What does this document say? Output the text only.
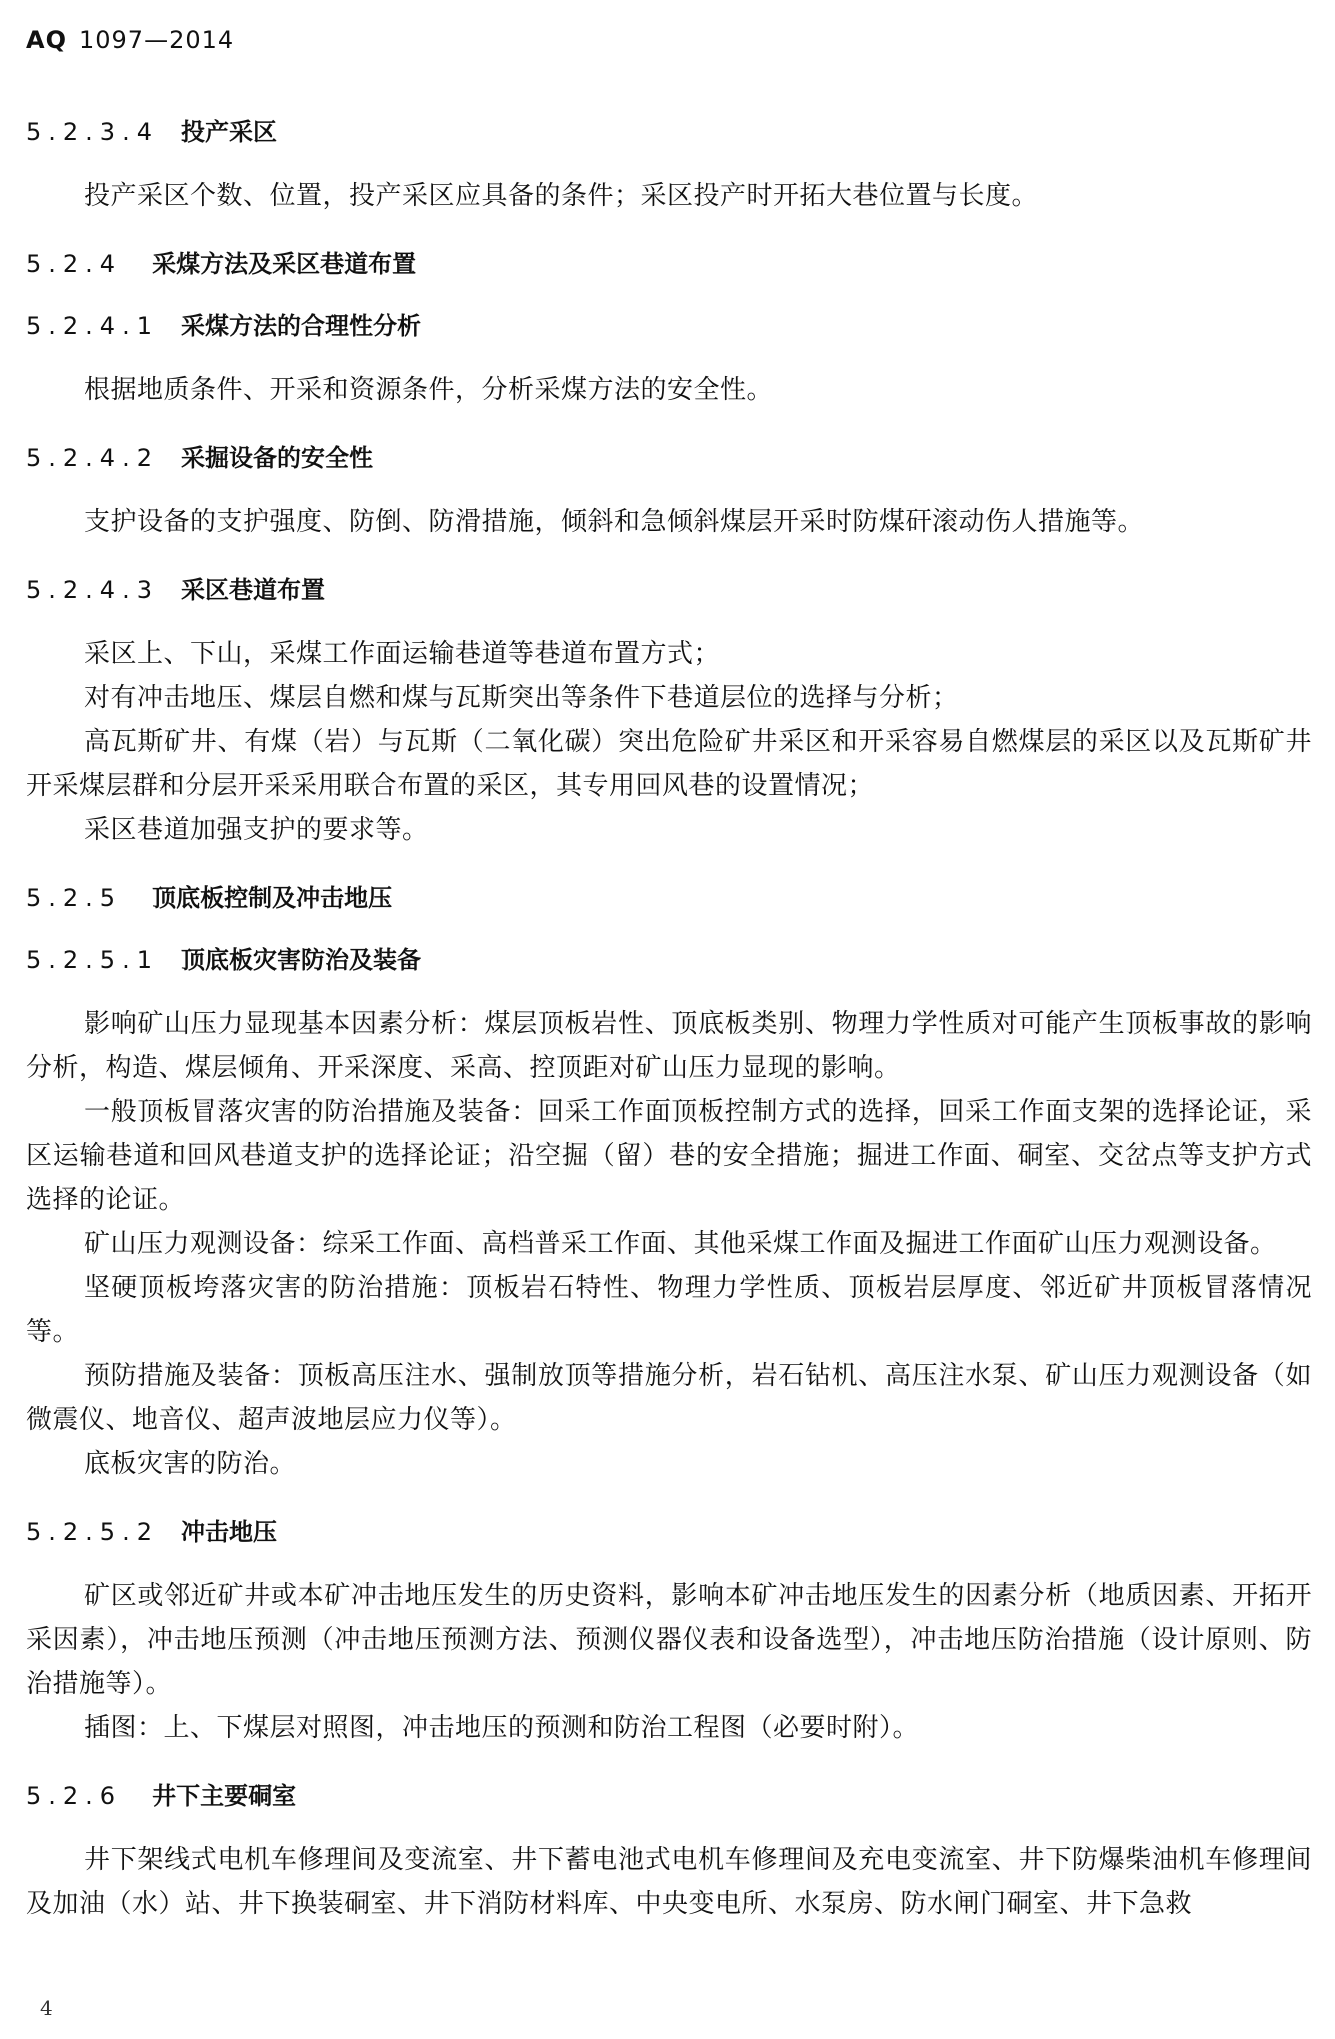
AQ 1097—2014
5.2.3.4 投产采区
投产采区个数、位置，投产采区应具备的条件；采区投产时开拓大巷位置与长度。
5.2.4 采煤方法及采区巷道布置
5.2.4.1 采煤方法的合理性分析
根据地质条件、开采和资源条件，分析采煤方法的安全性。
5.2.4.2 采掘设备的安全性
支护设备的支护强度、防倒、防滑措施，倾斜和急倾斜煤层开采时防煤矸滚动伤人措施等。
5.2.4.3 采区巷道布置
采区上、下山，采煤工作面运输巷道等巷道布置方式；
对有冲击地压、煤层自燃和煤与瓦斯突出等条件下巷道层位的选择与分析；
高瓦斯矿井、有煤（岩）与瓦斯（二氧化碳）突出危险矿井采区和开采容易自燃煤层的采区以及瓦斯矿井开采煤层群和分层开采采用联合布置的采区，其专用回风巷的设置情况；
采区巷道加强支护的要求等。
5.2.5 顶底板控制及冲击地压
5.2.5.1 顶底板灾害防治及装备
影响矿山压力显现基本因素分析：煤层顶板岩性、顶底板类别、物理力学性质对可能产生顶板事故的影响分析，构造、煤层倾角、开采深度、采高、控顶距对矿山压力显现的影响。
一般顶板冒落灾害的防治措施及装备：回采工作面顶板控制方式的选择，回采工作面支架的选择论证，采区运输巷道和回风巷道支护的选择论证；沿空掘（留）巷的安全措施；掘进工作面、硐室、交岔点等支护方式选择的论证。
矿山压力观测设备：综采工作面、高档普采工作面、其他采煤工作面及掘进工作面矿山压力观测设备。
坚硬顶板垮落灾害的防治措施：顶板岩石特性、物理力学性质、顶板岩层厚度、邻近矿井顶板冒落情况等。
预防措施及装备：顶板高压注水、强制放顶等措施分析，岩石钻机、高压注水泵、矿山压力观测设备（如微震仪、地音仪、超声波地层应力仪等）。
底板灾害的防治。
5.2.5.2 冲击地压
矿区或邻近矿井或本矿冲击地压发生的历史资料，影响本矿冲击地压发生的因素分析（地质因素、开拓开采因素），冲击地压预测（冲击地压预测方法、预测仪器仪表和设备选型），冲击地压防治措施（设计原则、防治措施等）。
插图：上、下煤层对照图，冲击地压的预测和防治工程图（必要时附）。
5.2.6 井下主要硐室
井下架线式电机车修理间及变流室、井下蓄电池式电机车修理间及充电变流室、井下防爆柴油机车修理间及加油（水）站、井下换装硐室、井下消防材料库、中央变电所、水泵房、防水闸门硐室、井下急救
4
